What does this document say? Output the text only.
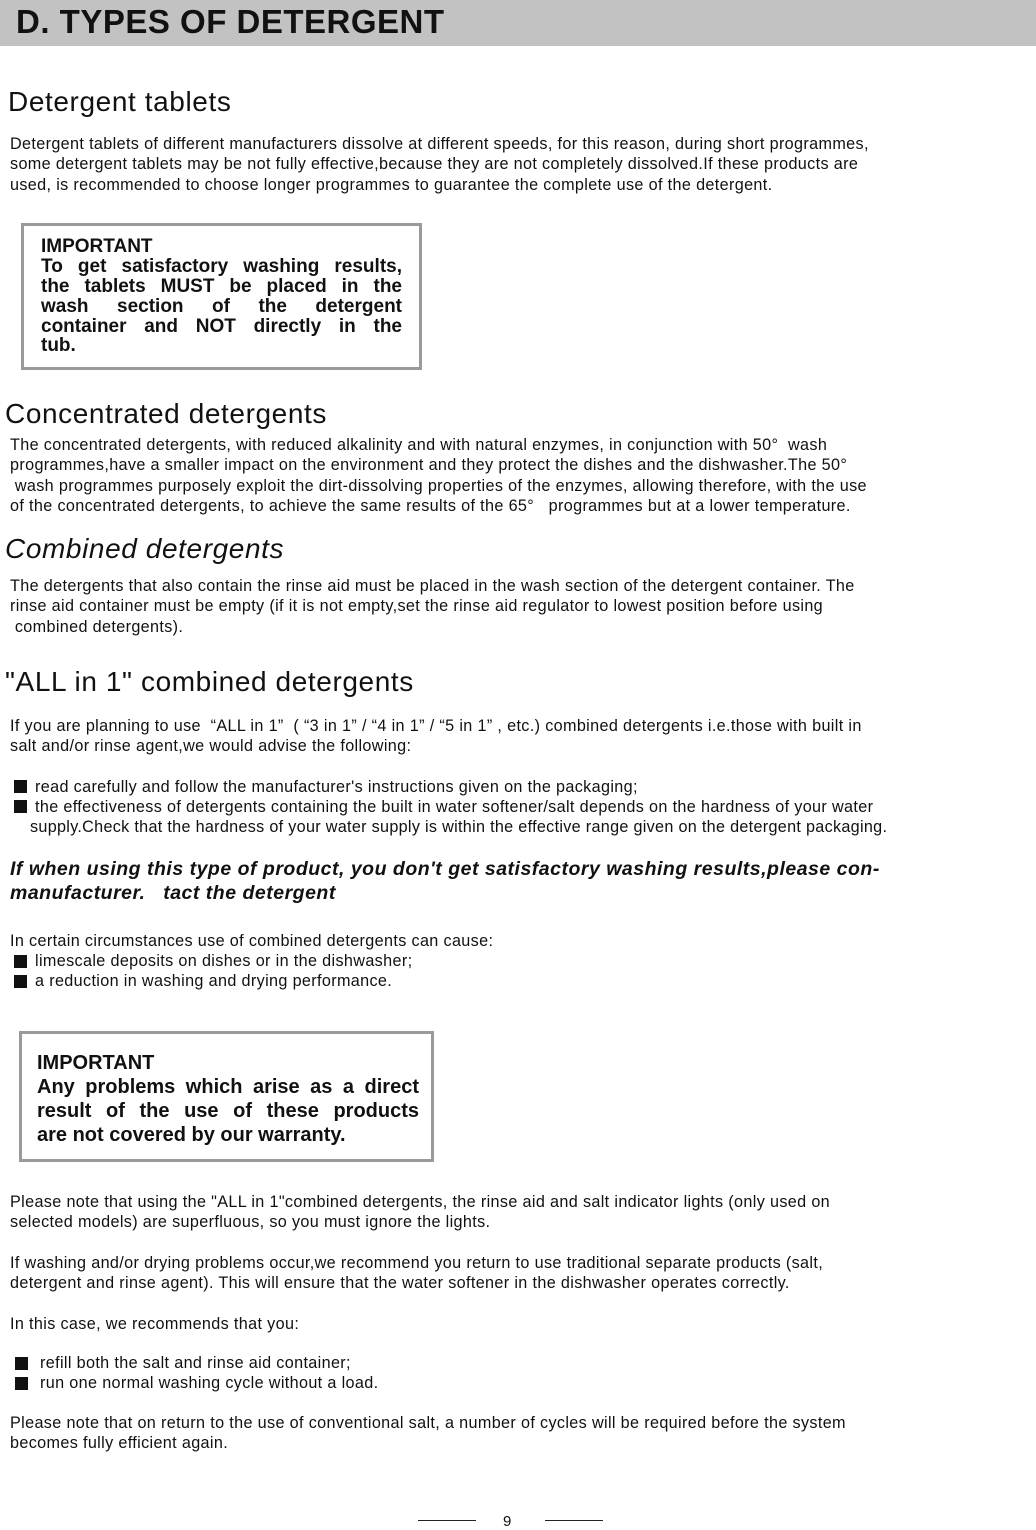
D. TYPES OF DETERGENT
Detergent tablets

Detergent tablets of different manufacturers dissolve at different speeds, for this reason, during short programmes,
some detergent tablets may be not fully effective,because they are not completely dissolved.If these products are
used, is recommended to choose longer programmes to guarantee the complete use of the detergent.

IMPORTANT

To get satisfactory washing results,

the tablets MUST be placed in the

wash section of the detergent

container and NOT directly in the

tub.

Concentrated detergents

The concentrated detergents, with reduced alkalinity and with natural enzymes, in conjunction with 50°  wash
programmes,have a smaller impact on the environment and they protect the dishes and the dishwasher.The 50°
wash programmes purposely exploit the dirt-dissolving properties of the enzymes, allowing therefore, with the use
of the concentrated detergents, to achieve the same results of the 65°   programmes but at a lower temperature.

Combined detergents

The detergents that also contain the rinse aid must be placed in the wash section of the detergent container. The
rinse aid container must be empty (if it is not empty,set the rinse aid regulator to lowest position before using
combined detergents).

"ALL in 1" combined detergents

If you are planning to use  “ALL in 1”  ( “3 in 1” / “4 in 1” / “5 in 1” , etc.) combined detergents i.e.those with built in
salt and/or rinse agent,we would advise the following:

read carefully and follow the manufacturer's instructions given on the packaging;

the effectiveness of detergents containing the built in water softener/salt depends on the hardness of your water

supply.Check that the hardness of your water supply is within the effective range given on the detergent packaging.

If when using this type of product, you don't get satisfactory washing results,please con-
manufacturer.   tact the detergent

In certain circumstances use of combined detergents can cause:

limescale deposits on dishes or in the dishwasher;

a reduction in washing and drying performance.

IMPORTANT

Any problems which arise as a direct

result of the use of these products

are not covered by our warranty.

Please note that using the "ALL in 1"combined detergents, the rinse aid and salt indicator lights (only used on
selected models) are superfluous, so you must ignore the lights.

If washing and/or drying problems occur,we recommend you return to use traditional separate products (salt,
detergent and rinse agent). This will ensure that the water softener in the dishwasher operates correctly.

In this case, we recommends that you:

refill both the salt and rinse aid container;

run one normal washing cycle without a load.

Please note that on return to the use of conventional salt, a number of cycles will be required before the system
becomes fully efficient again.

9
